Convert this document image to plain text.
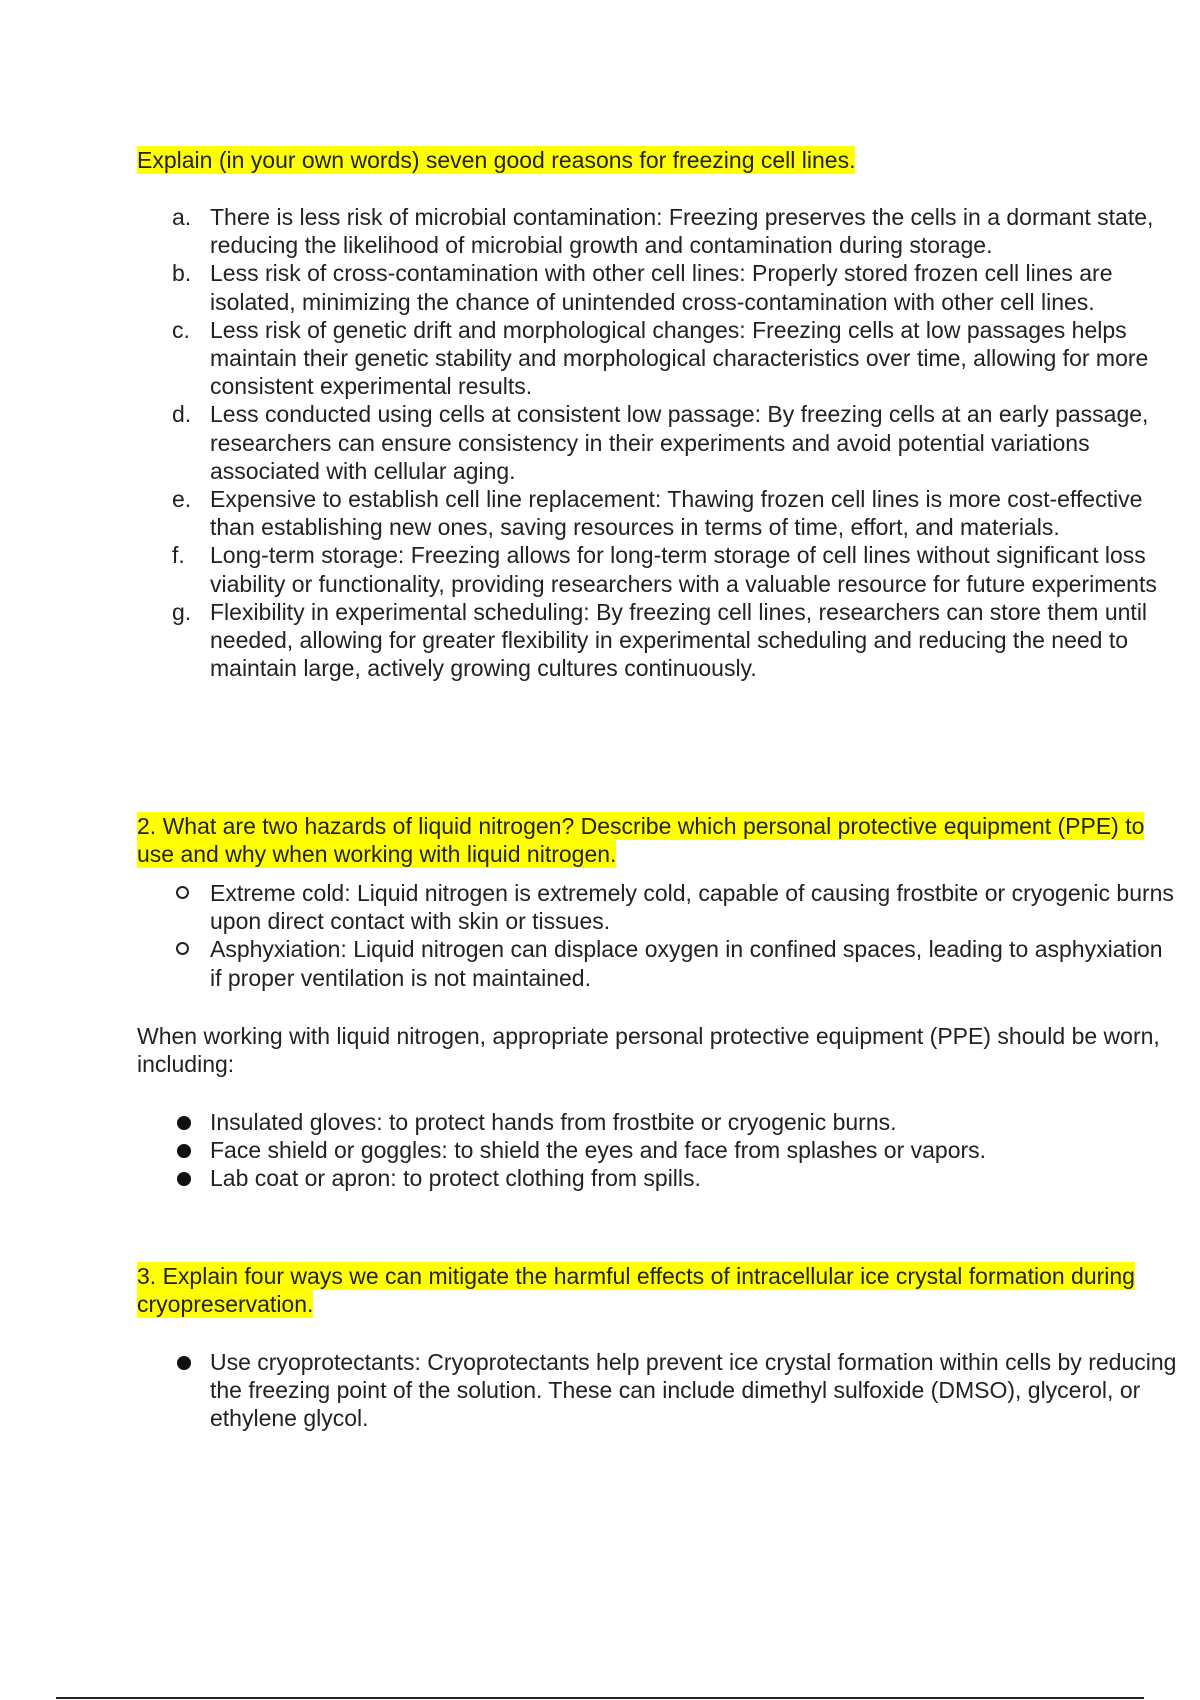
Explain (in your own words) seven good reasons for freezing cell lines.
a. There is less risk of microbial contamination: Freezing preserves the cells in a dormant state,
reducing the likelihood of microbial growth and contamination during storage.
b. Less risk of cross-contamination with other cell lines: Properly stored frozen cell lines are
isolated, minimizing the chance of unintended cross-contamination with other cell lines.
c. Less risk of genetic drift and morphological changes: Freezing cells at low passages helps
maintain their genetic stability and morphological characteristics over time, allowing for more
consistent experimental results.
d. Less conducted using cells at consistent low passage: By freezing cells at an early passage,
researchers can ensure consistency in their experiments and avoid potential variations
associated with cellular aging.
e. Expensive to establish cell line replacement: Thawing frozen cell lines is more cost-effective
than establishing new ones, saving resources in terms of time, effort, and materials.
f. Long-term storage: Freezing allows for long-term storage of cell lines without significant loss
viability or functionality, providing researchers with a valuable resource for future experiments
g. Flexibility in experimental scheduling: By freezing cell lines, researchers can store them until
needed, allowing for greater flexibility in experimental scheduling and reducing the need to
maintain large, actively growing cultures continuously.
2. What are two hazards of liquid nitrogen? Describe which personal protective equipment (PPE) to
use and why when working with liquid nitrogen.
Extreme cold: Liquid nitrogen is extremely cold, capable of causing frostbite or cryogenic burns
upon direct contact with skin or tissues.
Asphyxiation: Liquid nitrogen can displace oxygen in confined spaces, leading to asphyxiation
if proper ventilation is not maintained.
When working with liquid nitrogen, appropriate personal protective equipment (PPE) should be worn,
including:
Insulated gloves: to protect hands from frostbite or cryogenic burns.
Face shield or goggles: to shield the eyes and face from splashes or vapors.
Lab coat or apron: to protect clothing from spills.
3. Explain four ways we can mitigate the harmful effects of intracellular ice crystal formation during
cryopreservation.
Use cryoprotectants: Cryoprotectants help prevent ice crystal formation within cells by reducing
the freezing point of the solution. These can include dimethyl sulfoxide (DMSO), glycerol, or
ethylene glycol.
